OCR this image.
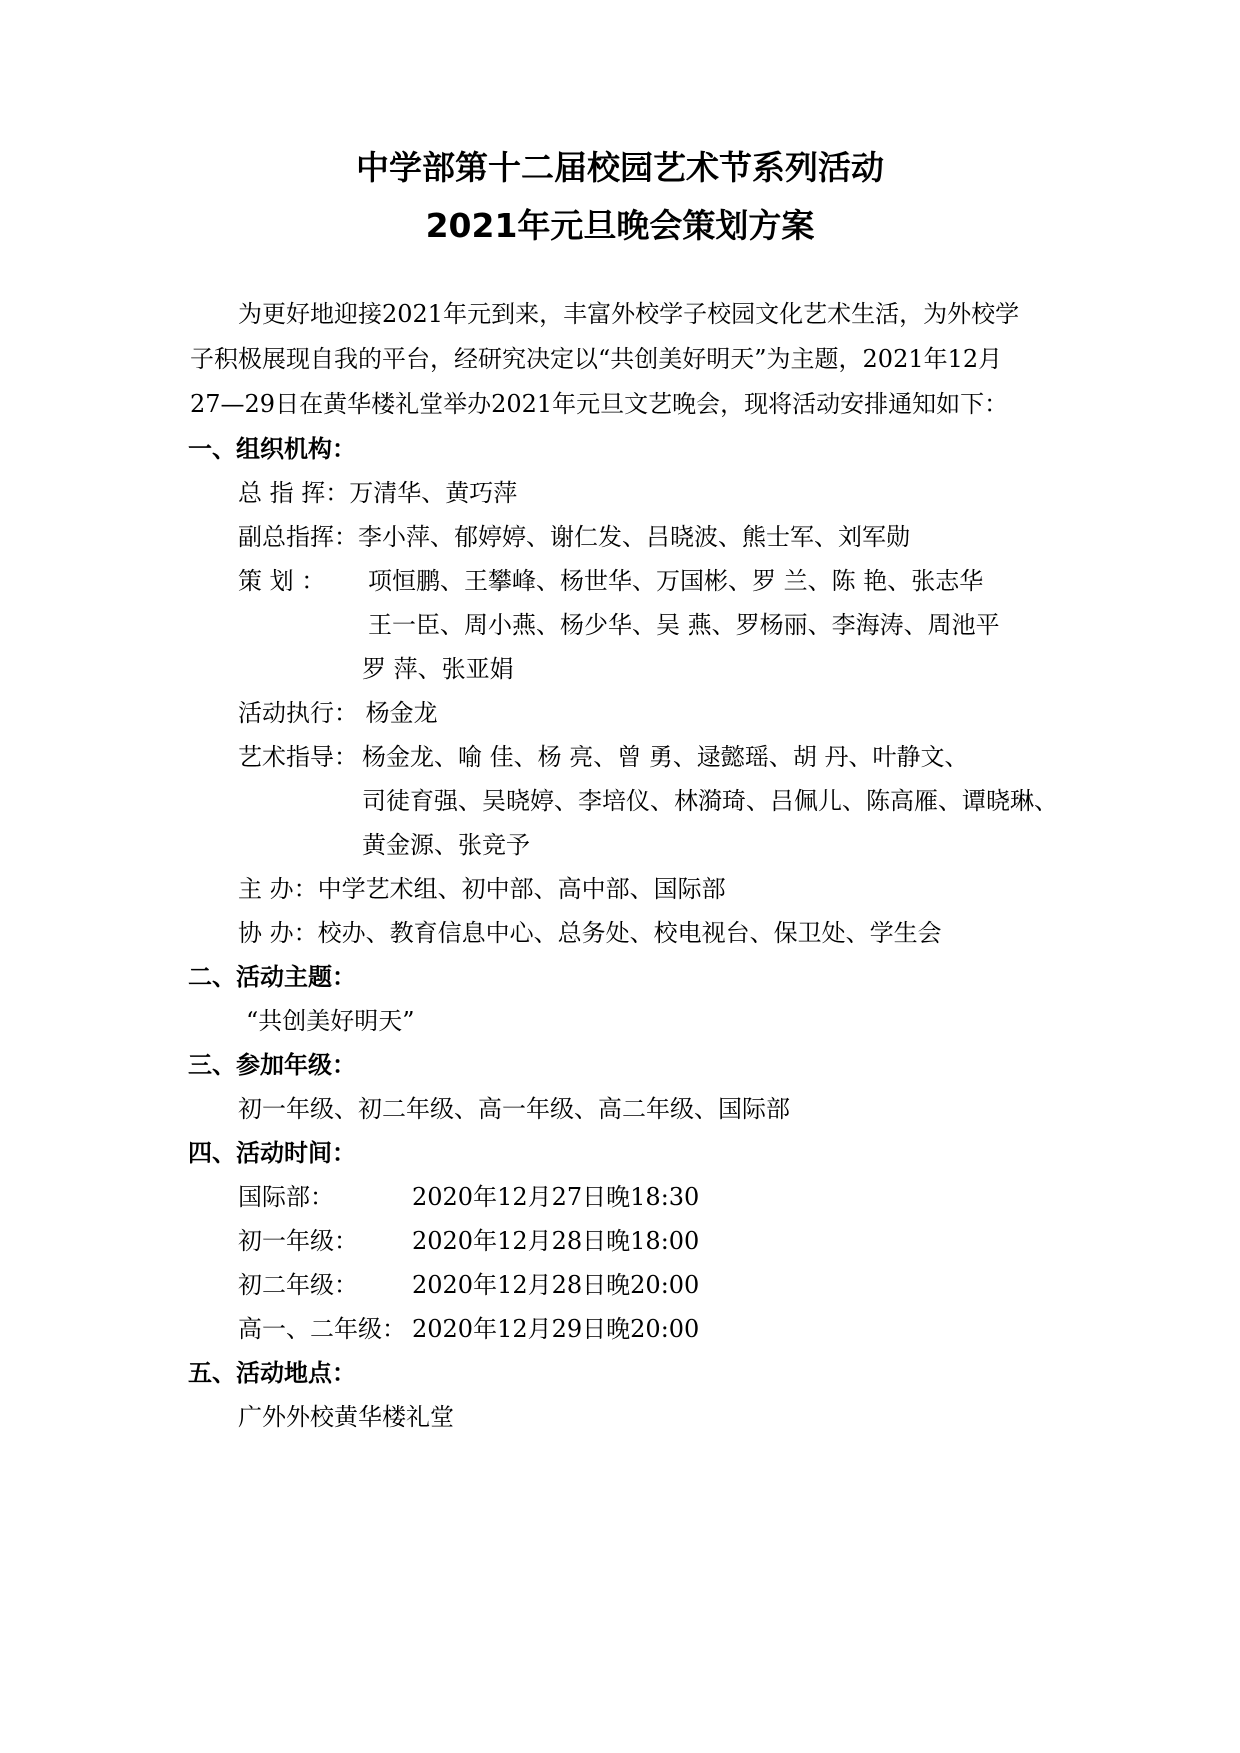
中学部第十二届校园艺术节系列活动
2021年元旦晚会策划方案
为更好地迎接2021年元到来，丰富外校学子校园文化艺术生活，为外校学
子积极展现自我的平台，经研究决定以“共创美好明天”为主题，2021年12月
27—29日在黄华楼礼堂举办2021年元旦文艺晚会，现将活动安排通知如下：
一、组织机构：
总 指 挥：万清华、黄巧萍
副总指挥：李小萍、郁婷婷、谢仁发、吕晓波、熊士军、刘军勋
策 划 ： 项恒鹏、王攀峰、杨世华、万国彬、罗 兰、陈 艳、张志华
王一臣、周小燕、杨少华、吴 燕、罗杨丽、李海涛、周池平
罗 萍、张亚娟
活动执行： 杨金龙
艺术指导： 杨金龙、喻 佳、杨 亮、曾 勇、逯懿瑶、胡 丹、叶静文、
司徒育强、吴晓婷、李培仪、林漪琦、吕佩儿、陈高雁、谭晓琳、
黄金源、张竞予
主 办：中学艺术组、初中部、高中部、国际部
协 办：校办、教育信息中心、总务处、校电视台、保卫处、学生会
二、活动主题：
“共创美好明天”
三、参加年级：
初一年级、初二年级、高一年级、高二年级、国际部
四、活动时间：
国际部：	2020年12月27日晚18:30
初一年级： 2020年12月28日晚18:00
初二年级： 2020年12月28日晚20:00
高一、二年级： 2020年12月29日晚20:00
五、活动地点：
广外外校黄华楼礼堂
